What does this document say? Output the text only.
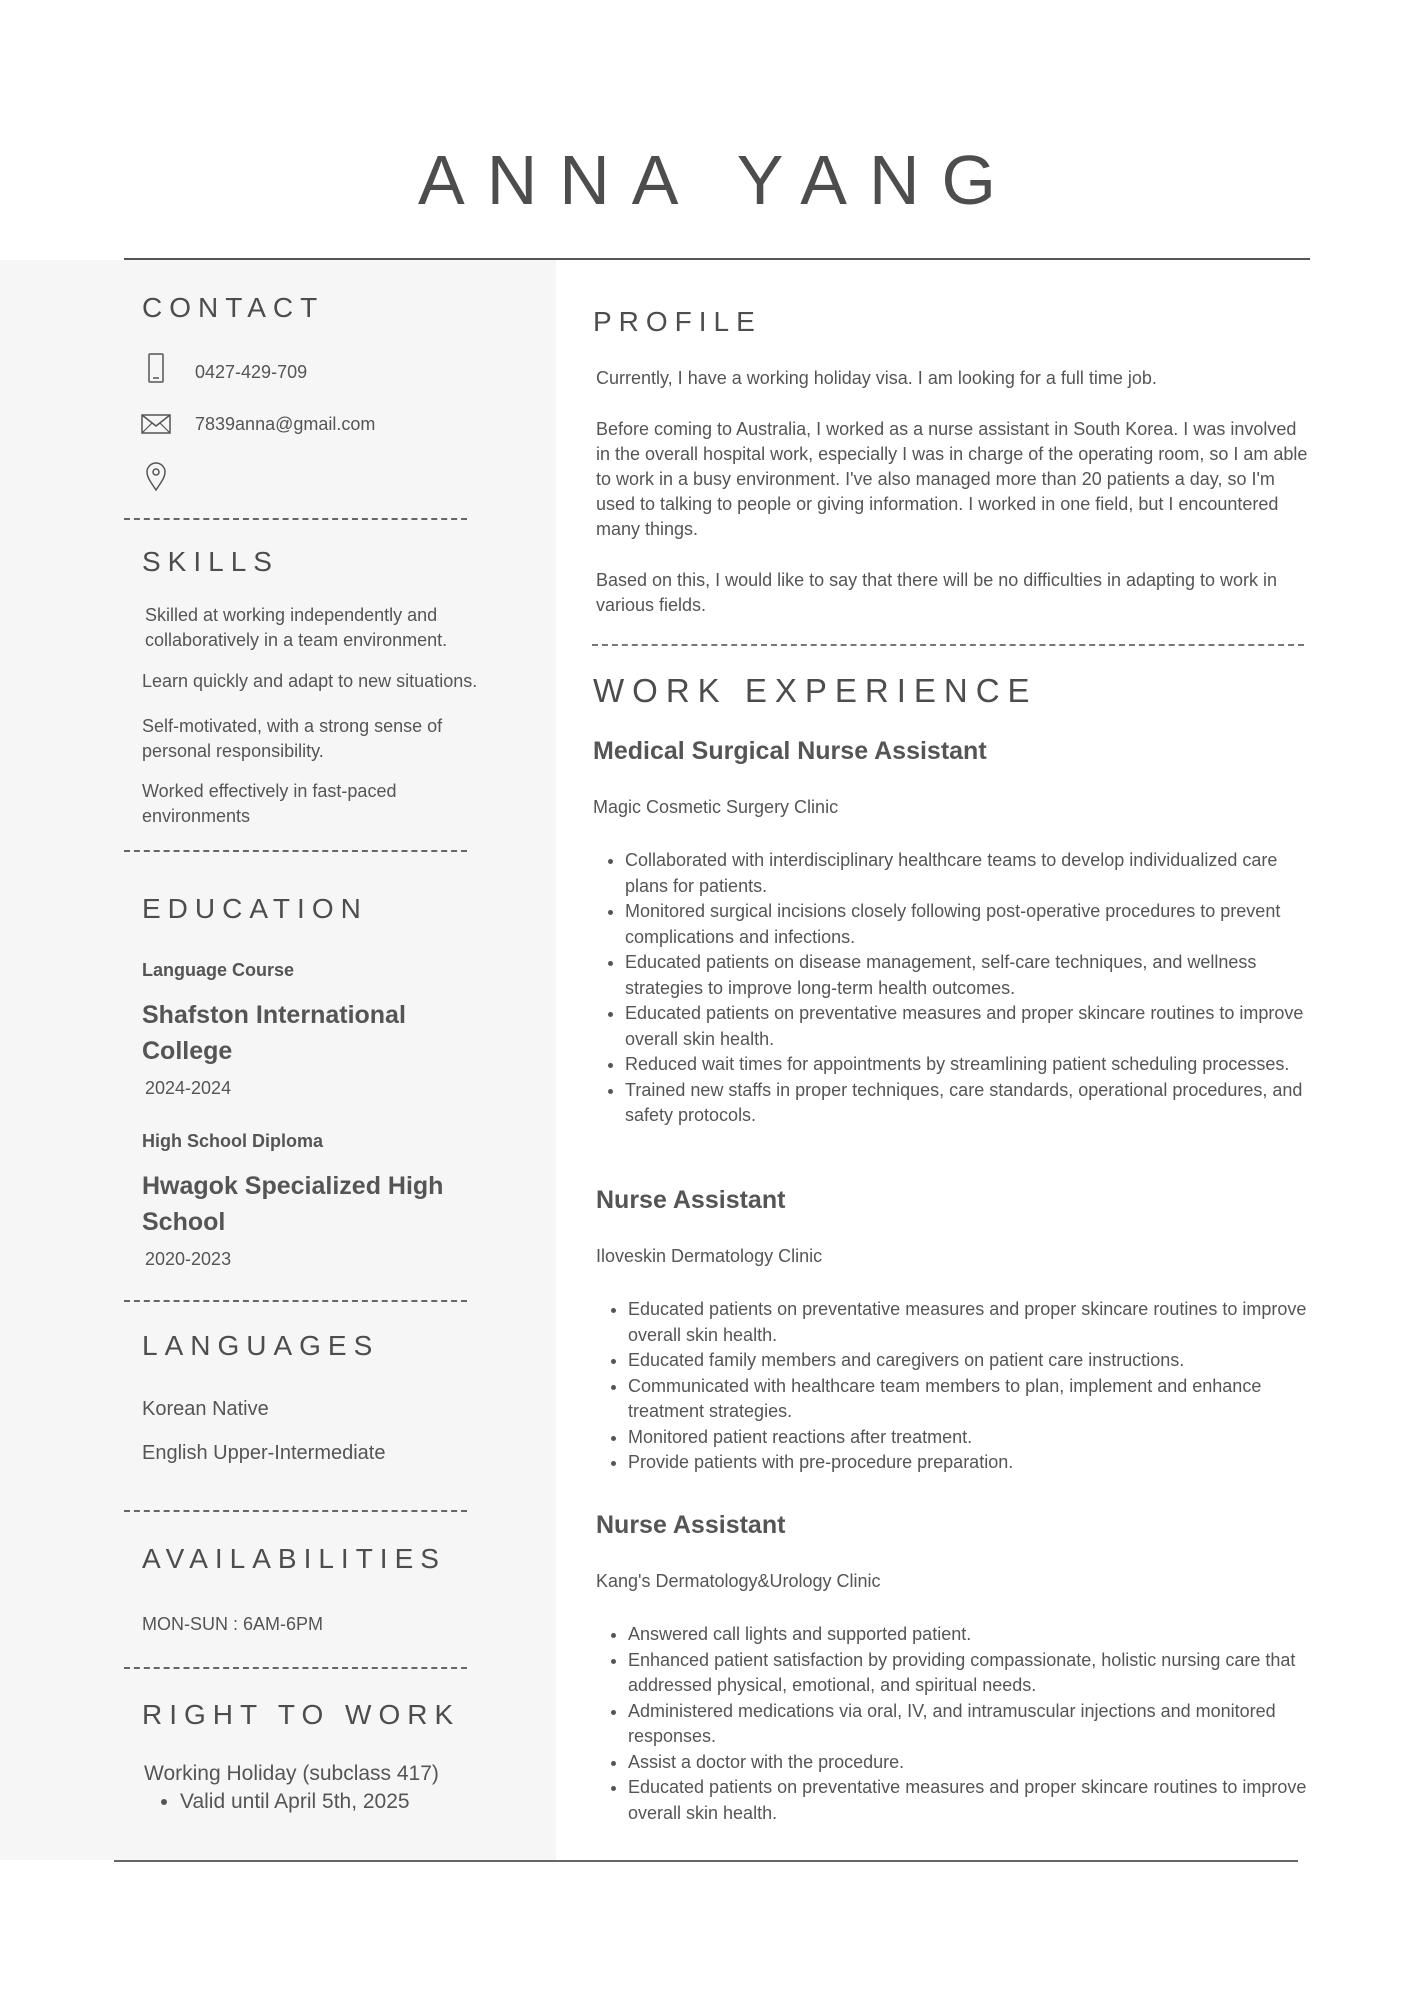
ANNA YANG
CONTACT
0427-429-709
7839anna@gmail.com
SKILLS
Skilled at working independently and collaboratively in a team environment.
Learn quickly and adapt to new situations.
Self-motivated, with a strong sense of personal responsibility.
Worked effectively in fast-paced environments
EDUCATION
Language Course
Shafston International College
2024-2024
High School Diploma
Hwagok Specialized High School
2020-2023
LANGUAGES
Korean Native
English Upper-Intermediate
AVAILABILITIES
MON-SUN : 6AM-6PM
RIGHT TO WORK
Working Holiday (subclass 417)
• Valid until April 5th, 2025
PROFILE
Currently, I have a working holiday visa. I am looking for a full time job.
Before coming to Australia, I worked as a nurse assistant in South Korea. I was involved in the overall hospital work, especially I was in charge of the operating room, so I am able to work in a busy environment. I've also managed more than 20 patients a day, so I'm used to talking to people or giving information. I worked in one field, but I encountered many things.
Based on this, I would like to say that there will be no difficulties in adapting to work in various fields.
WORK EXPERIENCE
Medical Surgical Nurse Assistant
Magic Cosmetic Surgery Clinic
• Collaborated with interdisciplinary healthcare teams to develop individualized care plans for patients.
• Monitored surgical incisions closely following post-operative procedures to prevent complications and infections.
• Educated patients on disease management, self-care techniques, and wellness strategies to improve long-term health outcomes.
• Educated patients on preventative measures and proper skincare routines to improve overall skin health.
• Reduced wait times for appointments by streamlining patient scheduling processes.
• Trained new staffs in proper techniques, care standards, operational procedures, and safety protocols.
Nurse Assistant
Iloveskin Dermatology Clinic
• Educated patients on preventative measures and proper skincare routines to improve overall skin health.
• Educated family members and caregivers on patient care instructions.
• Communicated with healthcare team members to plan, implement and enhance treatment strategies.
• Monitored patient reactions after treatment.
• Provide patients with pre-procedure preparation.
Nurse Assistant
Kang's Dermatology&Urology Clinic
• Answered call lights and supported patient.
• Enhanced patient satisfaction by providing compassionate, holistic nursing care that addressed physical, emotional, and spiritual needs.
• Administered medications via oral, IV, and intramuscular injections and monitored responses.
• Assist a doctor with the procedure.
• Educated patients on preventative measures and proper skincare routines to improve overall skin health.
